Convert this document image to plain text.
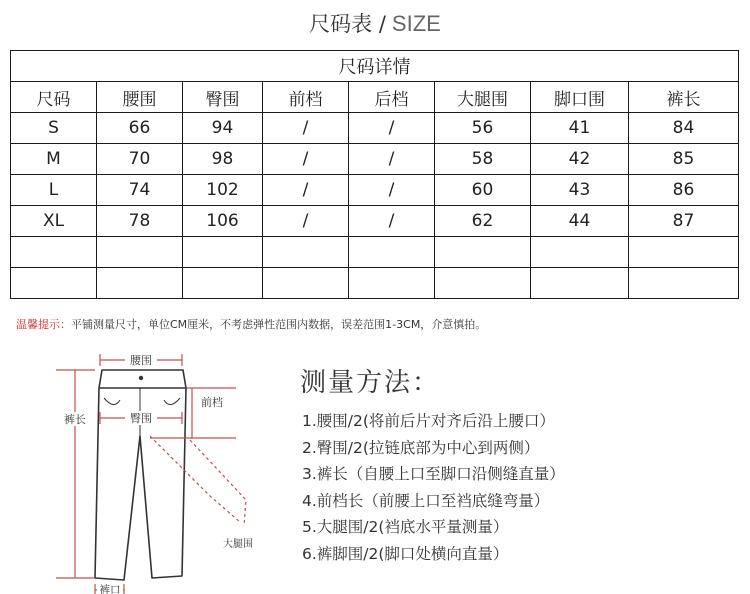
尺码表 / SIZE
尺码详情							
尺码	腰围	臀围	前档	后档	大腿围	脚口围	裤长
S	66	94	/	/	56	41	84
M	70	98	/	/	58	42	85
L	74	102	/	/	60	43	86
XL	78	106	/	/	62	44	87

温馨提示：平铺测量尺寸，单位CM厘米，不考虑弹性范围内数据，误差范围1-3CM，介意慎拍。
腰围
臀围
前档
裤长
大腿围
裤口
测量方法：
1.腰围/2(将前后片对齐后沿上腰口）
2.臀围/2(拉链底部为中心到两侧）
3.裤长（自腰上口至脚口沿侧缝直量）
4.前档长（前腰上口至裆底缝弯量）
5.大腿围/2(裆底水平量测量）
6.裤脚围/2(脚口处横向直量）
